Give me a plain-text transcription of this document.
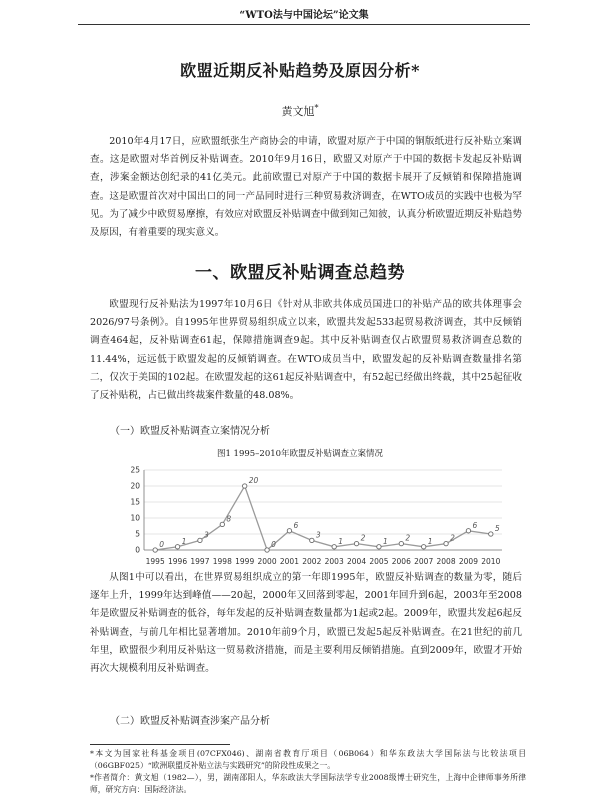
“WTO法与中国论坛”论文集
欧盟近期反补贴趋势及原因分析*
黄文旭*

2010年4月17日，应欧盟纸张生产商协会的申请，欧盟对原产于中国的铜版纸进行反补贴立案调查。这是欧盟对华首例反补贴调查。2010年9月16日，欧盟又对原产于中国的数据卡发起反补贴调查，涉案金额达创纪录的41亿美元。此前欧盟已对原产于中国的数据卡展开了反倾销和保障措施调查。这是欧盟首次对中国出口的同一产品同时进行三种贸易救济调查，在WTO成员的实践中也极为罕见。为了减少中欧贸易摩擦，有效应对欧盟反补贴调查中做到知己知彼，认真分析欧盟近期反补贴趋势及原因，有着重要的现实意义。

一、欧盟反补贴调查总趋势

欧盟现行反补贴法为1997年10月6日《针对从非欧共体成员国进口的补贴产品的欧共体理事会2026/97号条例》。自1995年世界贸易组织成立以来，欧盟共发起533起贸易救济调查，其中反倾销调查464起，反补贴调查61起，保障措施调查9起。其中反补贴调查仅占欧盟贸易救济调查总数的11.44%，远远低于欧盟发起的反倾销调查。在WTO成员当中，欧盟发起的反补贴调查数量排名第二，仅次于美国的102起。在欧盟发起的这61起反补贴调查中，有52起已经做出终裁，其中25起征收了反补贴税，占已做出终裁案件数量的48.08%。

（一）欧盟反补贴调查立案情况分析
图1 1995–2010年欧盟反补贴调查立案情况
0
5
10
15
20
25
0 1
3
8
20
0
6
3
1 2 1 2 1 2
6 5
1995 1996 1997 1998 1999 2000 2001 2002 2003 2004 2005 2006 2007 2008 2009 2010

从图1中可以看出，在世界贸易组织成立的第一年即1995年，欧盟反补贴调查的数量为零，随后逐年上升，1999年达到峰值——20起，2000年又回落到零起，2001年回升到6起，2003年至2008年是欧盟反补贴调查的低谷，每年发起的反补贴调查数量都为1起或2起。2009年，欧盟共发起6起反补贴调查，与前几年相比显著增加。2010年前9个月，欧盟已发起5起反补贴调查。在21世纪的前几年里，欧盟很少利用反补贴这一贸易救济措施，而是主要利用反倾销措施。直到2009年，欧盟才开始再次大规模利用反补贴调查。

（二）欧盟反补贴调查涉案产品分析

*本文为国家社科基金项目(07CFX046)、湖南省教育厅项目（06B064）和华东政法大学国际法与比较法项目（06GBF025）“欧洲联盟反补贴立法与实践研究”的阶段性成果之一。

*作者简介：黄文旭（1982—），男，湖南邵阳人，华东政法大学国际法学专业2008级博士研究生，上海中企律师事务所律师，研究方向：国际经济法。
